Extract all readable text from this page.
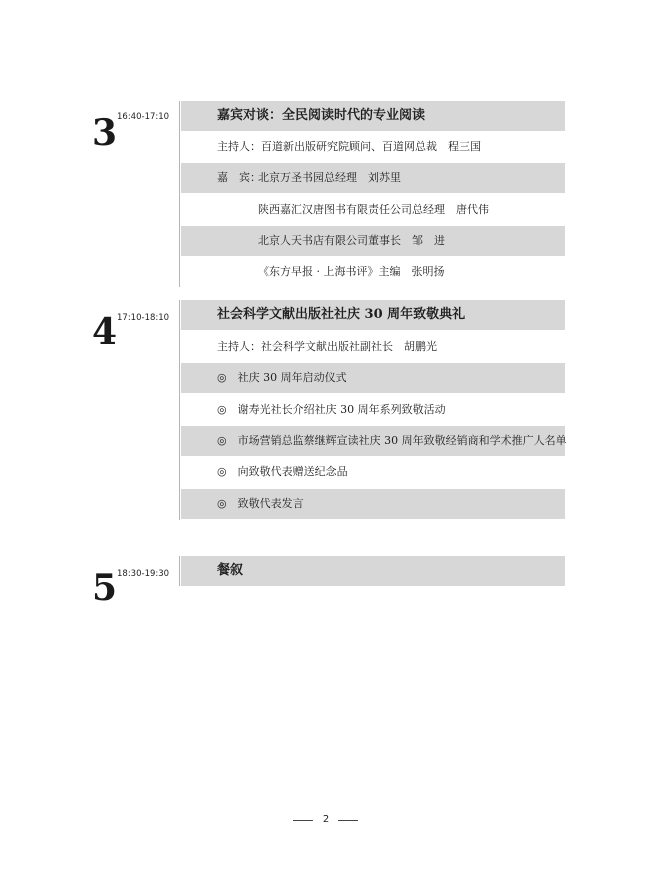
3 16:40-17:10	嘉宾对谈：全民阅读时代的专业阅读
主持人：百道新出版研究院顾问、百道网总裁　程三国
嘉　宾：
北京万圣书园总经理　刘苏里
陕西嘉汇汉唐图书有限责任公司总经理　唐代伟
北京人天书店有限公司董事长　邹　进
《东方早报 · 上海书评》主编　张明扬
4 17:10-18:10	社会科学文献出版社社庆 30 周年致敬典礼
主持人：社会科学文献出版社副社长　胡鹏光
◎　社庆 30 周年启动仪式
◎　谢寿光社长介绍社庆 30 周年系列致敬活动
◎　市场营销总监蔡继辉宣读社庆 30 周年致敬经销商和学术推广人名单
◎　向致敬代表赠送纪念品
◎　致敬代表发言
5 18:30-19:30	餐叙
2
